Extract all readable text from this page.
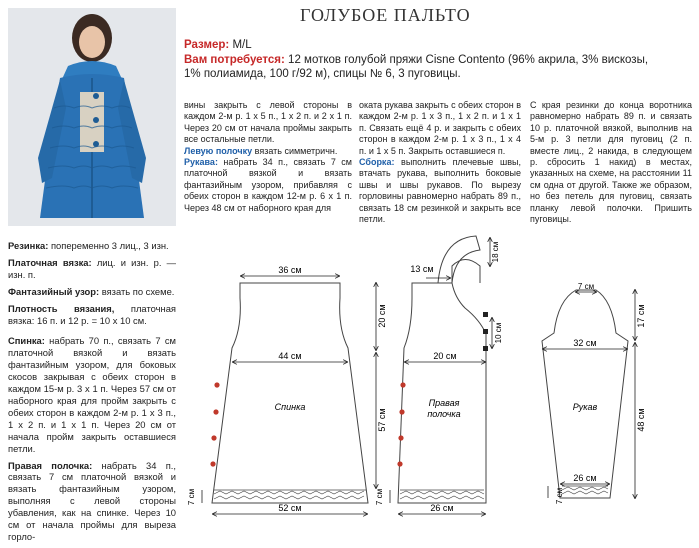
ГОЛУБОЕ ПАЛЬТО
Размер: M/L
Вам потребуется: 12 мотков голубой пряжи Cisne Contento (96% акрила, 3% вискозы,
1% полиамида, 100 г/92 м), спицы № 6, 3 пуговицы.

вины закрыть с левой стороны в каждом 2-м р. 1 x 5 п., 1 x 2 п. и 2 x 1 п. Через 20 см от начала проймы закрыть все остальные петли.

Левую полочку вязать симметричн.

Рукава: набрать 34 п., связать 7 см платочной вязкой и вязать фантазийным узором, прибавляя с обеих сторон в каждом 12-м р. 6 x 1 п. Через 48 см от наборного края для

оката рукава закрыть с обеих сторон в каждом 2-м р. 1 x 3 п., 1 x 2 п. и 1 x 1 п. Связать ещё 4 р. и закрыть с обеих сторон в каждом 2-м р. 1 x 3 п., 1 x 4 п. и 1 x 5 п. Закрыть оставшиеся п.

Сборка: выполнить плечевые швы, втачать рукава, выполнить боковые швы и швы рукавов. По вырезу горловины равномерно набрать 89 п., связать 18 см резинкой и закрыть все петли.

С края резинки до конца воротника равномерно набрать 89 п. и связать 10 р. платочной вязкой, выполнив на 5-м р. 3 петли для пуговиц (2 п. вместе лиц., 2 накида, в следующем р. сбросить 1 накид) в местах, указанных на схеме, на расстоянии 11 см одна от другой. Также же образом, но без петель для пуговиц, связать планку левой полочки. Пришить пуговицы.

Резинка: попеременно 3 лиц., 3 изн.

Платочная вязка: лиц. и изн. р. — изн. п.

Фантазийный узор: вязать по схеме.

Плотность вязания, платочная вязка: 16 п. и 12 р. = 10 x 10 см.

Спинка: набрать 70 п., связать 7 см платочной вязкой и вязать фантазийным узором, для боковых скосов закрывая с обеих сторон в каждом 15-м р. 3 x 1 п. Через 57 см от наборного края для пройм закрыть с обеих сторон в каждом 2-м р. 1 x 3 п., 1 x 2 п. и 1 x 1 п. Через 20 см от начала пройм закрыть оставшиеся петли.

Правая полочка: набрать 34 п., связать 7 см платочной вязкой и вязать фантазийным узором, выполняя с левой стороны убавления, как на спинке. Через 10 см от начала проймы для выреза горло-

36 см
44 см
52 см
20 см
57 см
7 см
Спинка
13 см
18 см
10 см
20 см
26 см
7 см
Правая
полочка
7 см
17 см
32 см
48 см
26 см
7 см
Рукав
